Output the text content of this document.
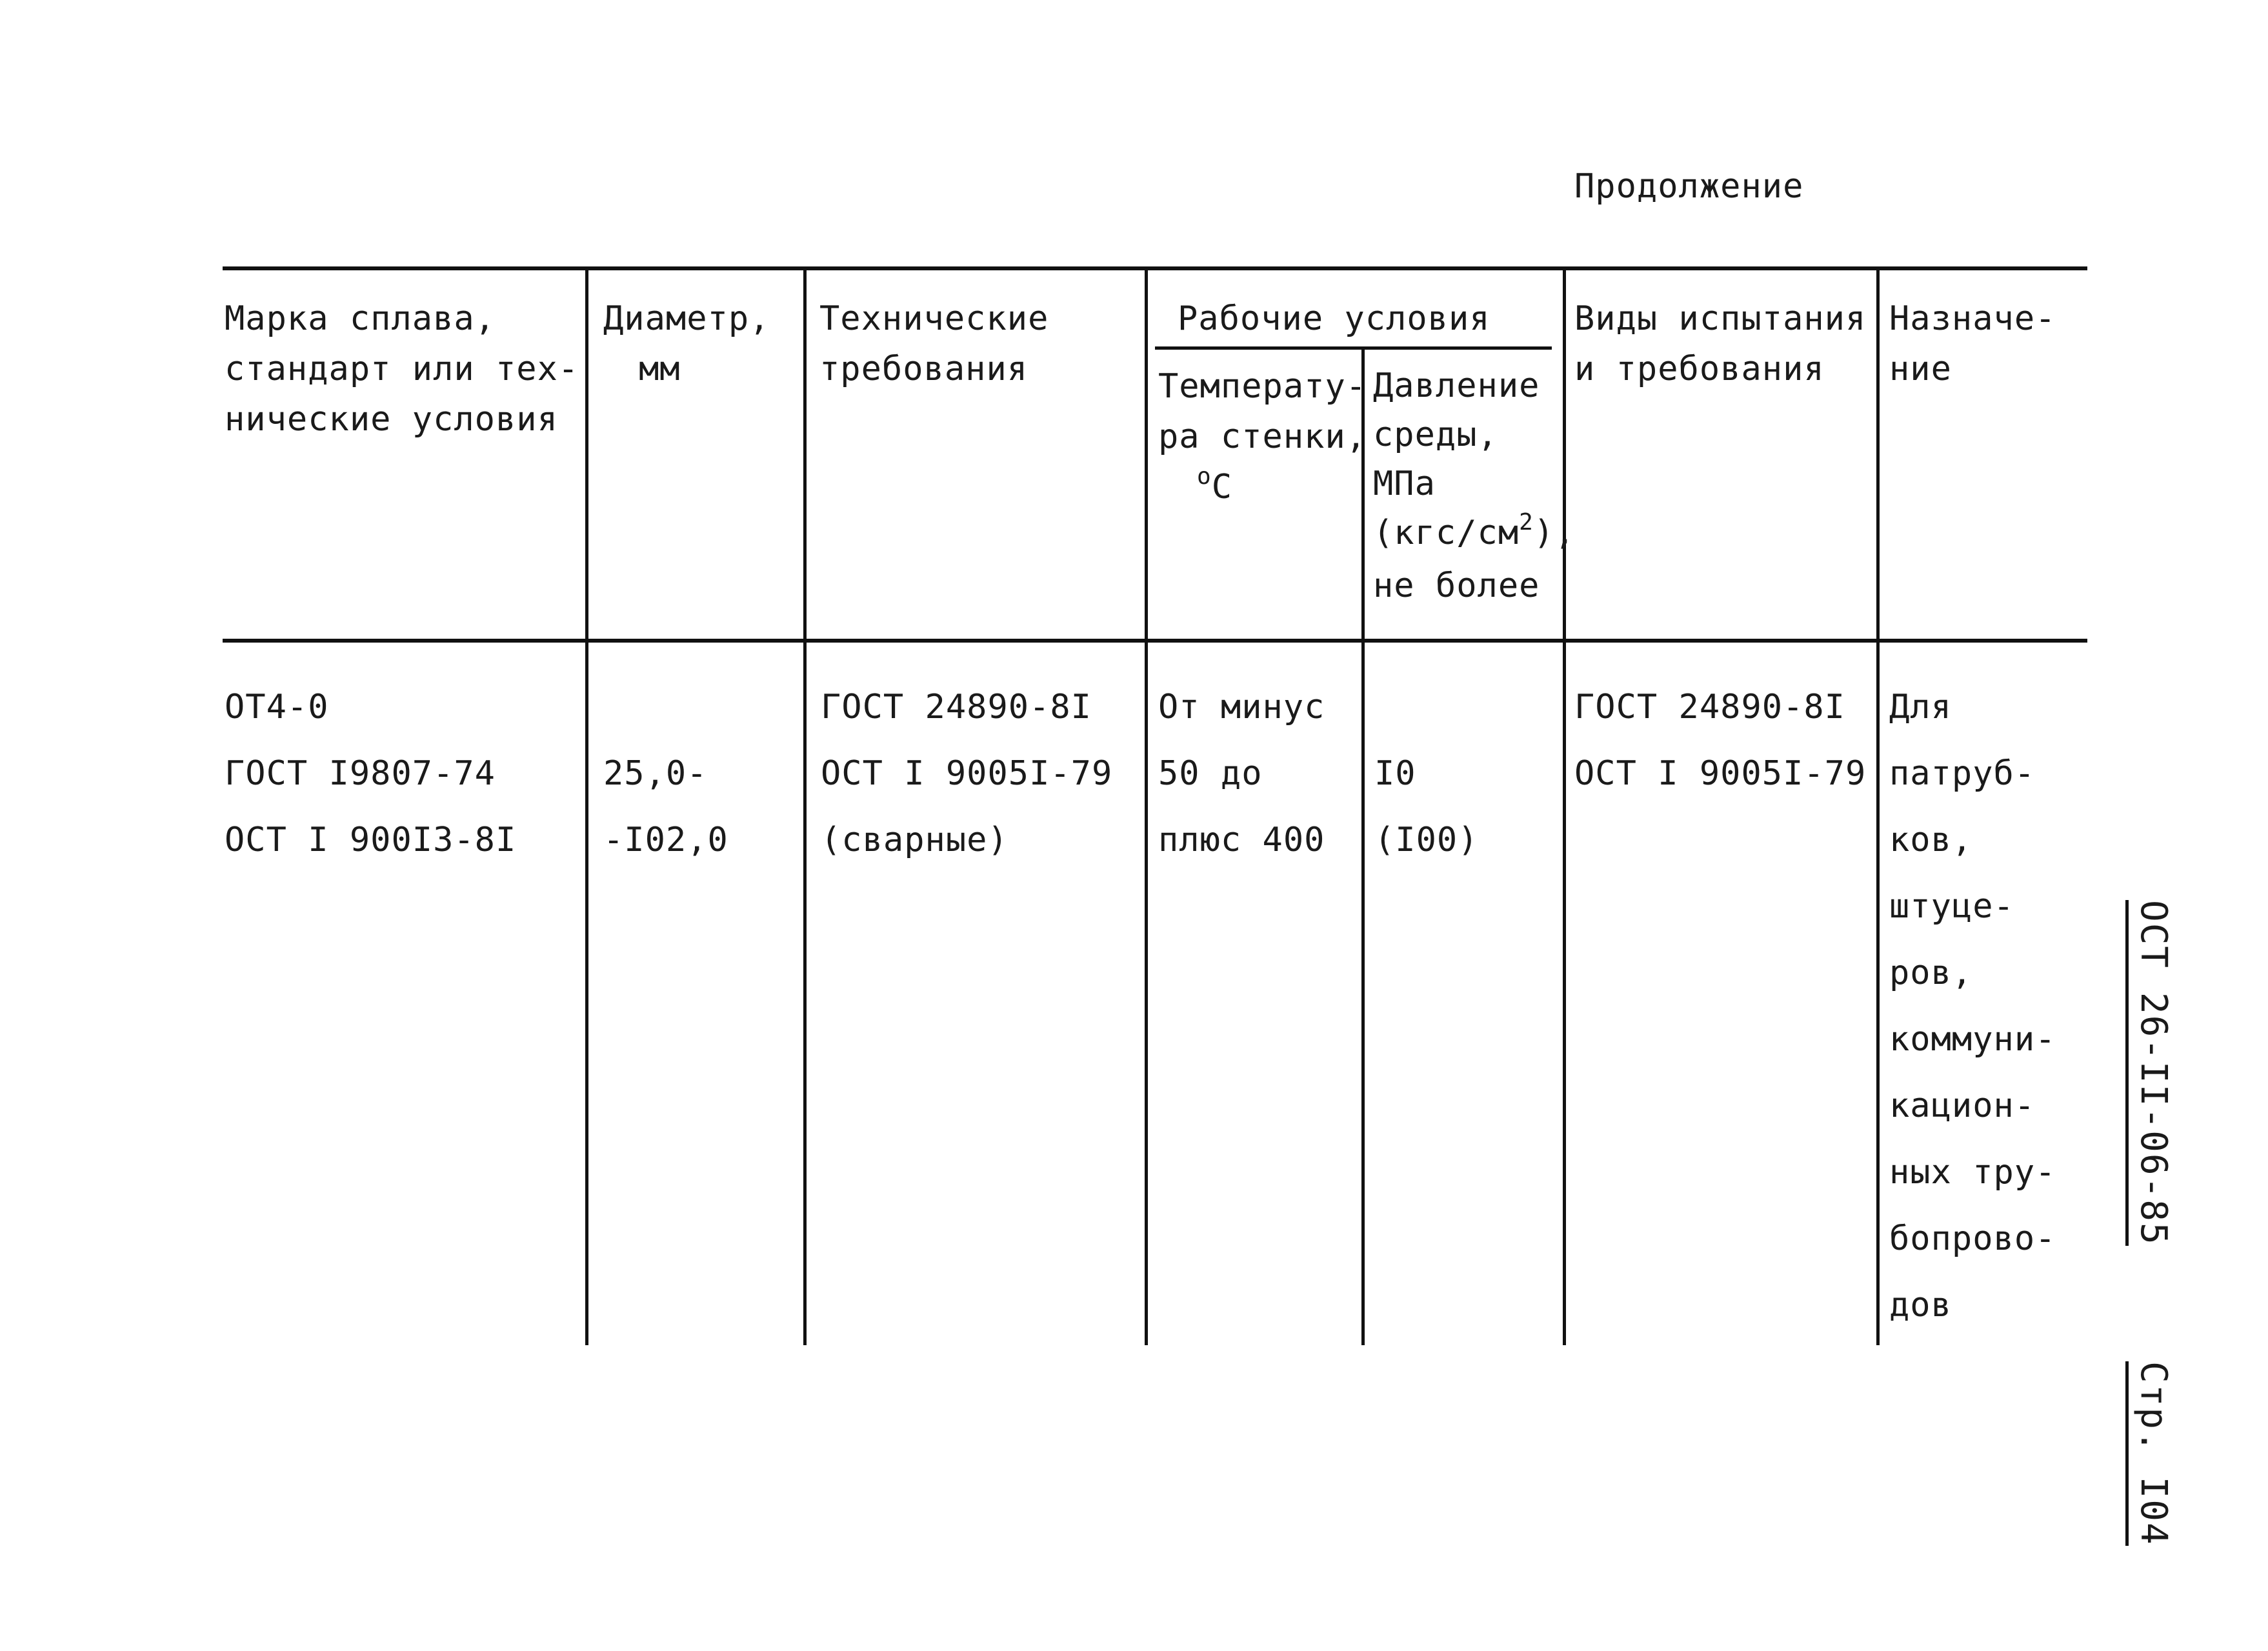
Продолжение
Марка сплава,
стандарт или тех-
нические условия
Диаметр,
мм
Технические
требования
Рабочие условия
Температу-
ра стенки,
$^о$С
Давлениe
среды,
МПа
$(кгс/см^2)$,
не более
Виды испытания
и требования
Назначе-
ние
ОТ4-0
ГОСТ I9807-74
ОСТ I 900I3-8I

25,0-
-I02,0
ГОСТ 24890-8I
ОСТ I 9005I-79
(сварные)
От минус
50 до
плюс 400

I0
(I00)
ГОСТ 24890-8I
ОСТ I 9005I-79
Для
патруб-
ков,
штуце-
ров,
коммуни-
кацион-
ных тру-
бопрово-
дов
ОСТ 26-II-06-85
Стр. I04
